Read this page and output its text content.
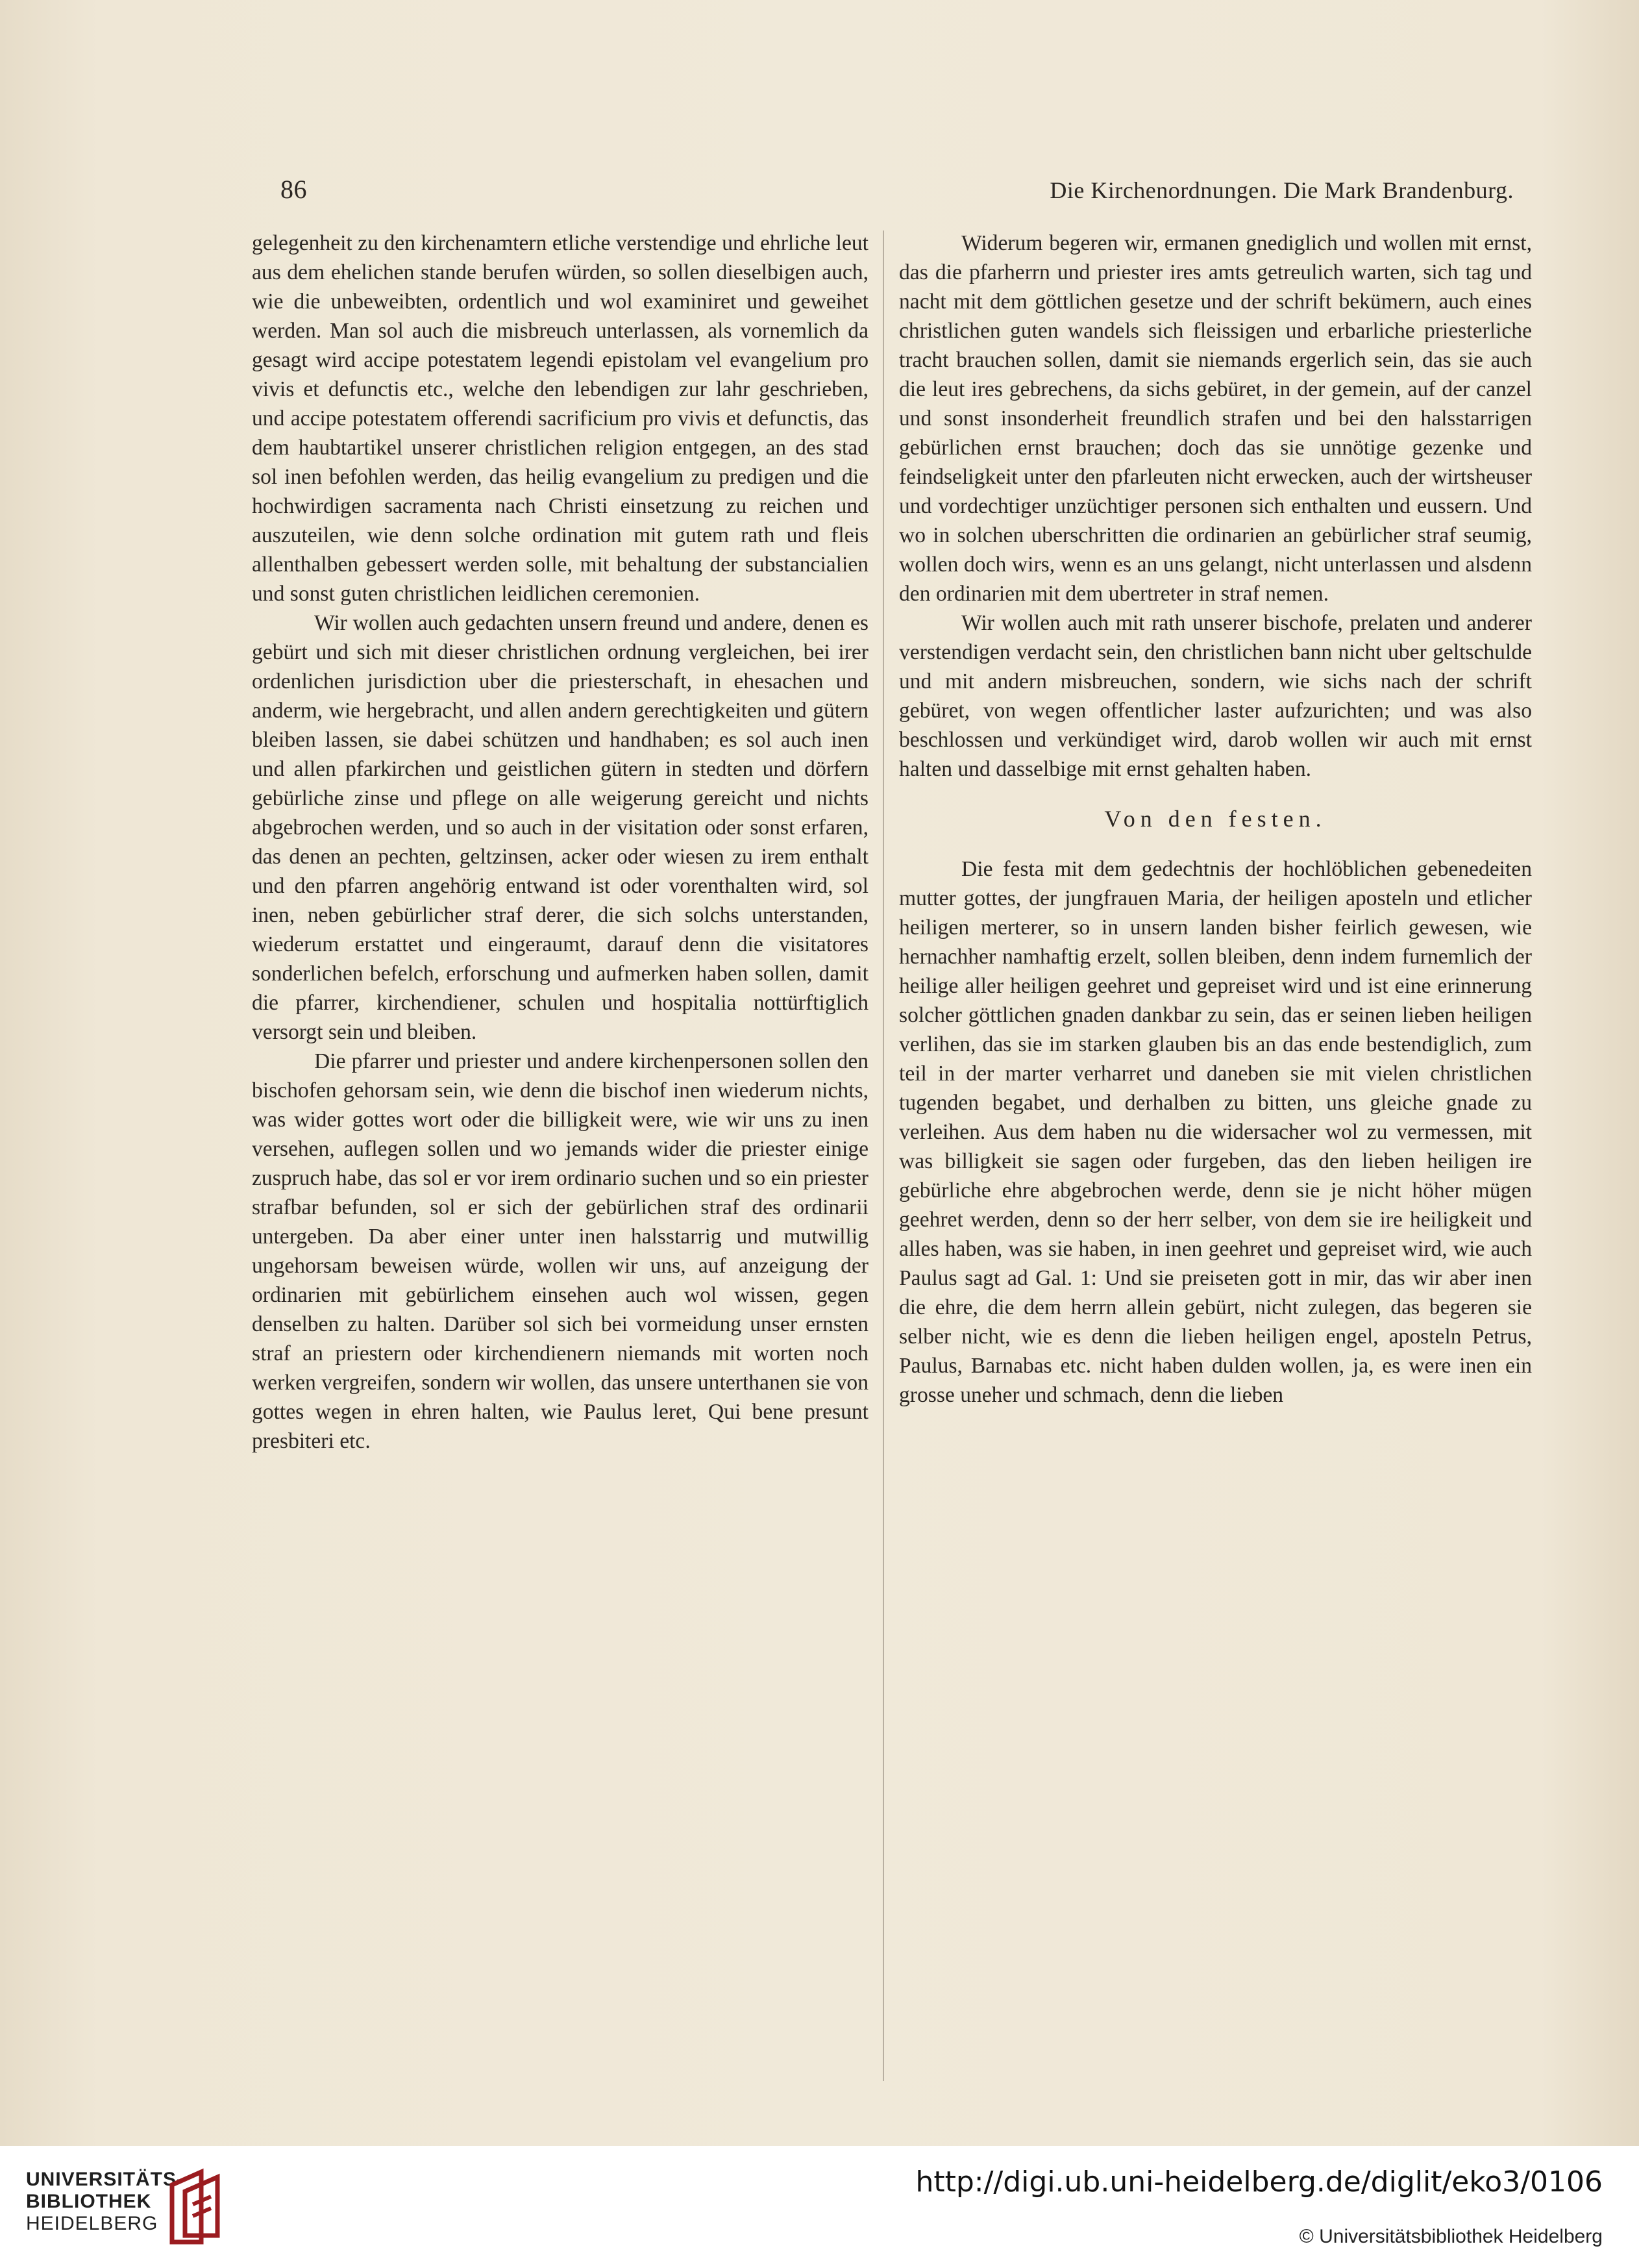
86	Die Kirchenordnungen. Die Mark Brandenburg.

gelegenheit zu den kirchenamtern etliche verstendige und ehrliche leut aus dem ehelichen stande berufen würden, so sollen dieselbigen auch, wie die unbeweibten, ordentlich und wol examiniret und geweihet werden. Man sol auch die misbreuch unterlassen, als vornemlich da gesagt wird accipe potestatem legendi epistolam vel evangelium pro vivis et defunctis etc., welche den lebendigen zur lahr geschrieben, und accipe potestatem offerendi sacrificium pro vivis et defunctis, das dem haubtartikel unserer christlichen religion entgegen, an des stad sol inen befohlen werden, das heilig evangelium zu predigen und die hochwirdigen sacramenta nach Christi einsetzung zu reichen und auszuteilen, wie denn solche ordination mit gutem rath und fleis allenthalben gebessert werden solle, mit behaltung der substancialien und sonst guten christlichen leidlichen ceremonien.

Wir wollen auch gedachten unsern freund und andere, denen es gebürt und sich mit dieser christlichen ordnung vergleichen, bei irer ordenlichen jurisdiction uber die priesterschaft, in ehesachen und anderm, wie hergebracht, und allen andern gerechtigkeiten und gütern bleiben lassen, sie dabei schützen und handhaben; es sol auch inen und allen pfarkirchen und geistlichen gütern in stedten und dörfern gebürliche zinse und pflege on alle weigerung gereicht und nichts abgebrochen werden, und so auch in der visitation oder sonst erfaren, das denen an pechten, geltzinsen, acker oder wiesen zu irem enthalt und den pfarren angehörig entwand ist oder vorenthalten wird, sol inen, neben gebürlicher straf derer, die sich solchs unterstanden, wiederum erstattet und eingeraumt, darauf denn die visitatores sonderlichen befelch, erforschung und aufmerken haben sollen, damit die pfarrer, kirchendiener, schulen und hospitalia nottürftiglich versorgt sein und bleiben.

Die pfarrer und priester und andere kirchenpersonen sollen den bischofen gehorsam sein, wie denn die bischof inen wiederum nichts, was wider gottes wort oder die billigkeit were, wie wir uns zu inen versehen, auflegen sollen und wo jemands wider die priester einige zuspruch habe, das sol er vor irem ordinario suchen und so ein priester strafbar befunden, sol er sich der gebürlichen straf des ordinarii untergeben. Da aber einer unter inen halsstarrig und mutwillig ungehorsam beweisen würde, wollen wir uns, auf anzeigung der ordinarien mit gebürlichem einsehen auch wol wissen, gegen denselben zu halten. Darüber sol sich bei vormeidung unser ernsten straf an priestern oder kirchendienern niemands mit worten noch werken vergreifen, sondern wir wollen, das unsere unterthanen sie von gottes wegen in ehren halten, wie Paulus leret, Qui bene presunt presbiteri etc.

Widerum begeren wir, ermanen gnediglich und wollen mit ernst, das die pfarherrn und priester ires amts getreulich warten, sich tag und nacht mit dem göttlichen gesetze und der schrift bekümern, auch eines christlichen guten wandels sich fleissigen und erbarliche priesterliche tracht brauchen sollen, damit sie niemands ergerlich sein, das sie auch die leut ires gebrechens, da sichs gebüret, in der gemein, auf der canzel und sonst insonderheit freundlich strafen und bei den halsstarrigen gebürlichen ernst brauchen; doch das sie unnötige gezenke und feindseligkeit unter den pfarleuten nicht erwecken, auch der wirtsheuser und vordechtiger unzüchtiger personen sich enthalten und eussern. Und wo in solchen uberschritten die ordinarien an gebürlicher straf seumig, wollen doch wirs, wenn es an uns gelangt, nicht unterlassen und alsdenn den ordinarien mit dem ubertreter in straf nemen.

Wir wollen auch mit rath unserer bischofe, prelaten und anderer verstendigen verdacht sein, den christlichen bann nicht uber geltschulde und mit andern misbreuchen, sondern, wie sichs nach der schrift gebüret, von wegen offentlicher laster aufzurichten; und was also beschlossen und verkündiget wird, darob wollen wir auch mit ernst halten und dasselbige mit ernst gehalten haben.

Von den festen.

Die festa mit dem gedechtnis der hochlöblichen gebenedeiten mutter gottes, der jungfrauen Maria, der heiligen aposteln und etlicher heiligen merterer, so in unsern landen bisher feirlich gewesen, wie hernachher namhaftig erzelt, sollen bleiben, denn indem furnemlich der heilige aller heiligen geehret und gepreiset wird und ist eine erinnerung solcher göttlichen gnaden dankbar zu sein, das er seinen lieben heiligen verlihen, das sie im starken glauben bis an das ende bestendiglich, zum teil in der marter verharret und daneben sie mit vielen christlichen tugenden begabet, und derhalben zu bitten, uns gleiche gnade zu verleihen. Aus dem haben nu die widersacher wol zu vermessen, mit was billigkeit sie sagen oder furgeben, das den lieben heiligen ire gebürliche ehre abgebrochen werde, denn sie je nicht höher mügen geehret werden, denn so der herr selber, von dem sie ire heiligkeit und alles haben, was sie haben, in inen geehret und gepreiset wird, wie auch Paulus sagt ad Gal. 1: Und sie preiseten gott in mir, das wir aber inen die ehre, die dem herrn allein gebürt, nicht zulegen, das begeren sie selber nicht, wie es denn die lieben heiligen engel, aposteln Petrus, Paulus, Barnabas etc. nicht haben dulden wollen, ja, es were inen ein grosse uneher und schmach, denn die lieben

UNIVERSITÄTS-
BIBLIOTHEK
HEIDELBERG
http://digi.ub.uni-heidelberg.de/diglit/eko3/0106
© Universitätsbibliothek Heidelberg
